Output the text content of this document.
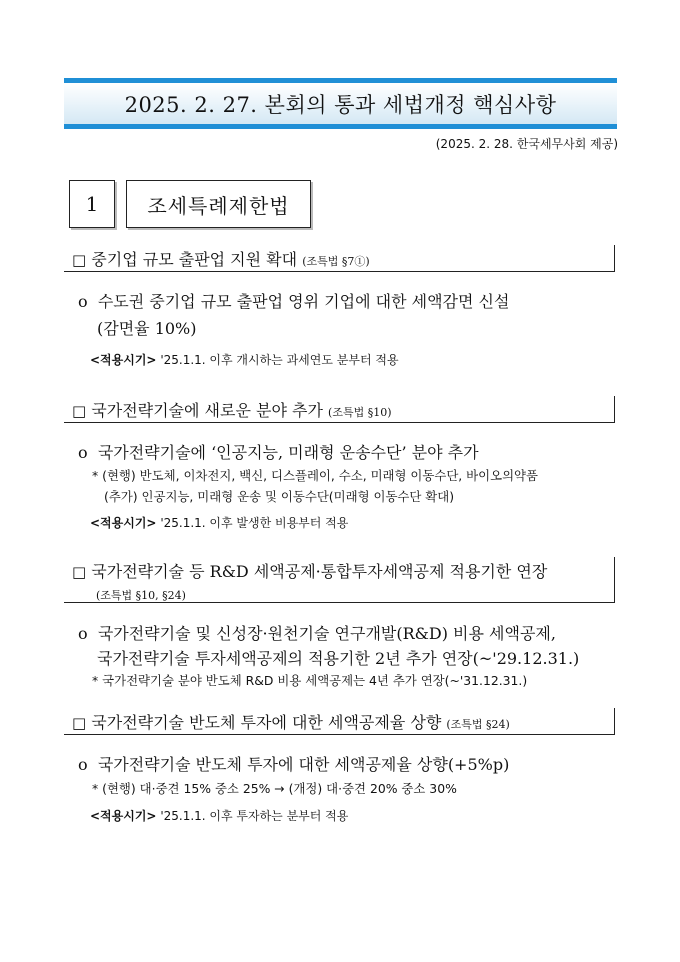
2025. 2. 27. 본회의 통과 세법개정 핵심사항
(2025. 2. 28. 한국세무사회 제공)
1	조세특례제한법
□ 중기업 규모 출판업 지원 확대 (조특법 §7①)
ο 수도권 중기업 규모 출판업 영위 기업에 대한 세액감면 신설
(감면율 10%)
<적용시기> '25.1.1. 이후 개시하는 과세연도 분부터 적용
□ 국가전략기술에 새로운 분야 추가 (조특법 §10)
ο 국가전략기술에 ‘인공지능, 미래형 운송수단’ 분야 추가
* (현행) 반도체, 이차전지, 백신, 디스플레이, 수소, 미래형 이동수단, 바이오의약품
(추가) 인공지능, 미래형 운송 및 이동수단(미래형 이동수단 확대)
<적용시기> '25.1.1. 이후 발생한 비용부터 적용
□ 국가전략기술 등 R&D 세액공제·통합투자세액공제 적용기한 연장
(조특법 §10, §24)
ο 국가전략기술 및 신성장·원천기술 연구개발(R&D) 비용 세액공제,
국가전략기술 투자세액공제의 적용기한 2년 추가 연장(~'29.12.31.)
* 국가전략기술 분야 반도체 R&D 비용 세액공제는 4년 추가 연장(~'31.12.31.)
□ 국가전략기술 반도체 투자에 대한 세액공제율 상향 (조특법 §24)
ο 국가전략기술 반도체 투자에 대한 세액공제율 상향(+5%p)
* (현행) 대·중견 15% 중소 25% → (개정) 대·중견 20% 중소 30%
<적용시기> '25.1.1. 이후 투자하는 분부터 적용
